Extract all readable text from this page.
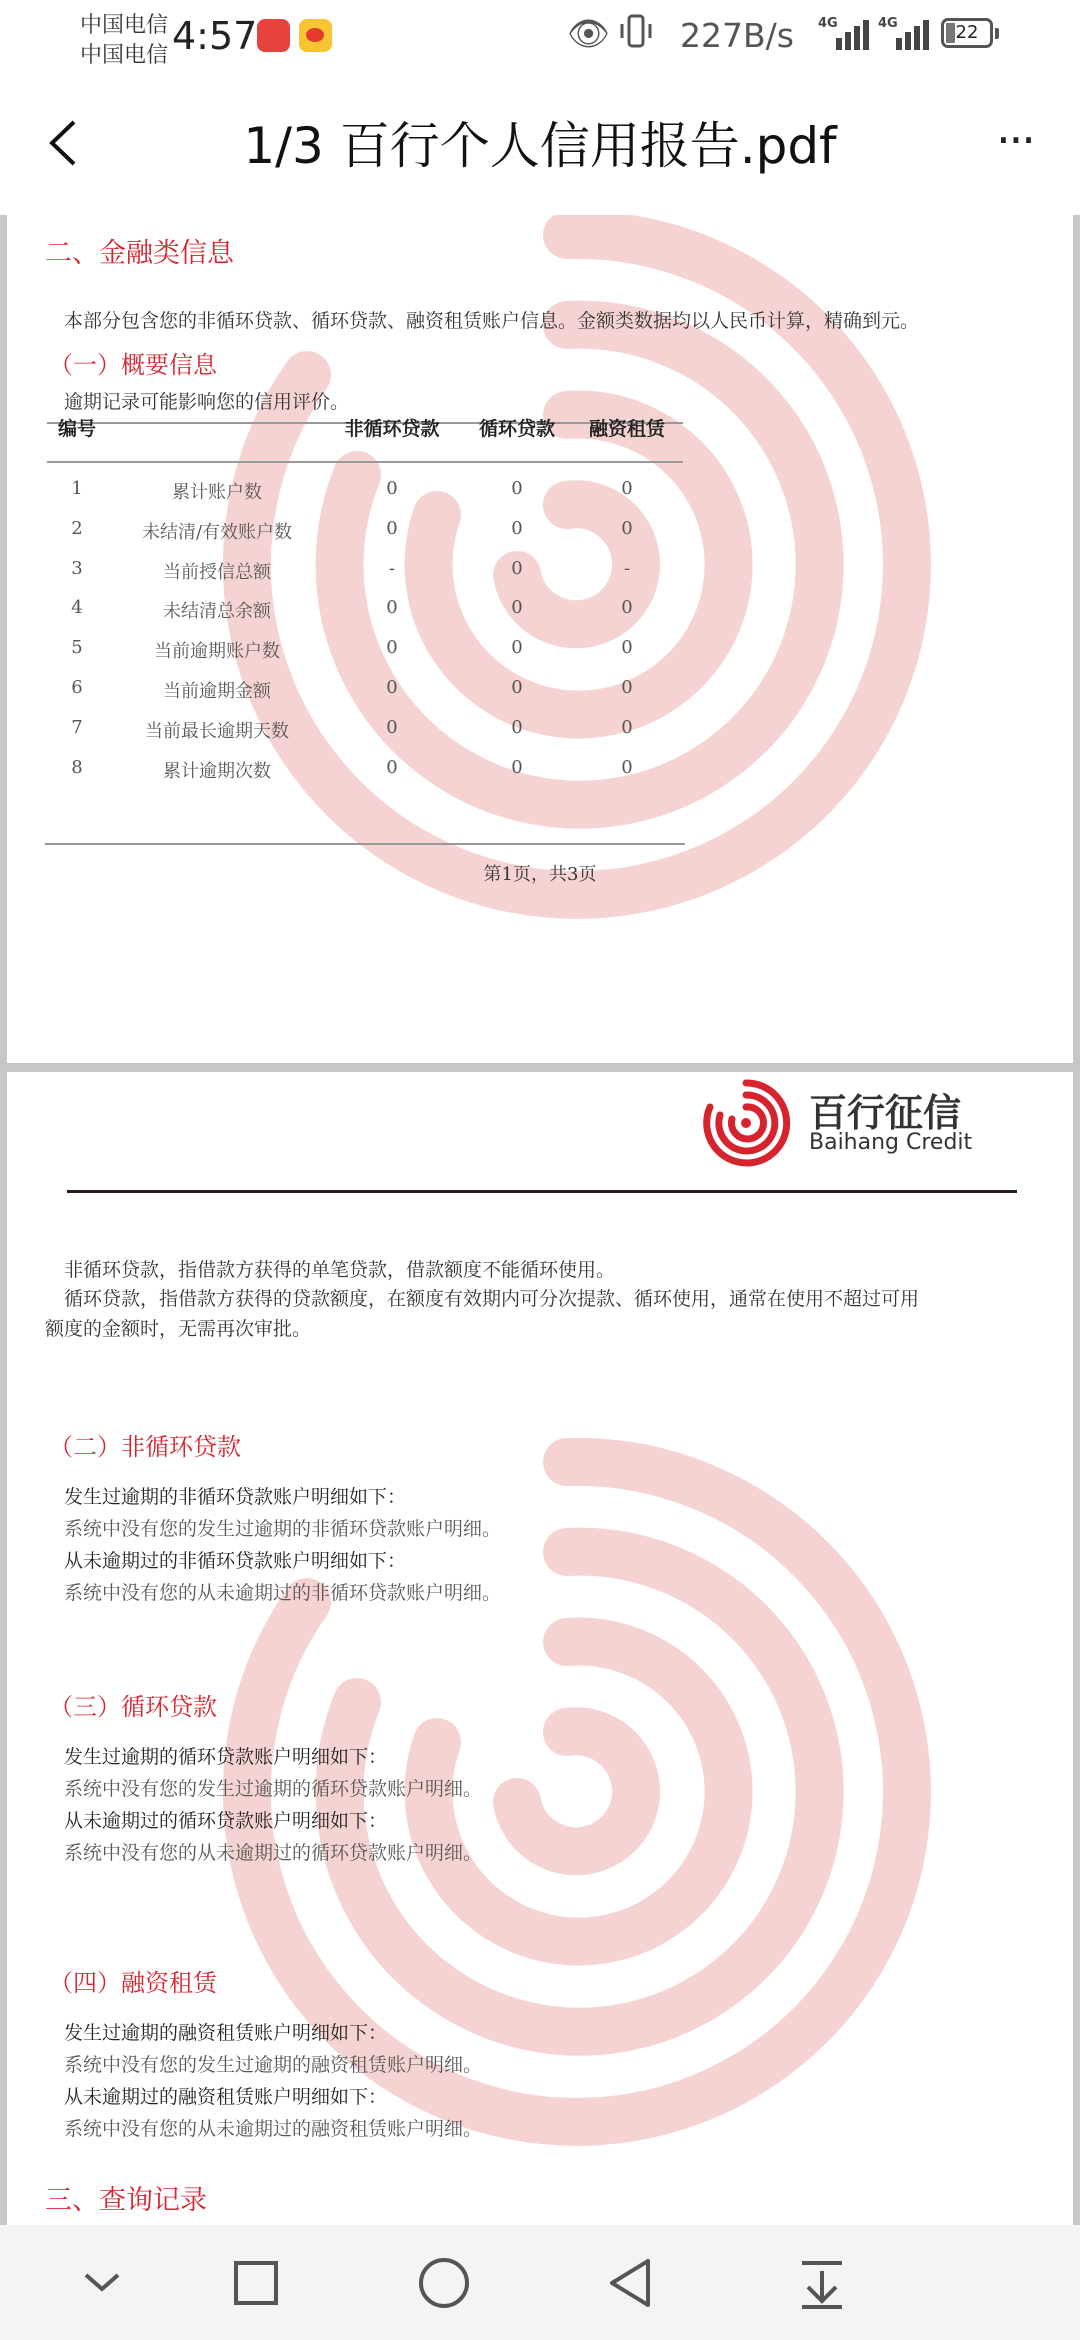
中国电信
中国电信 4:57	👁 227B/s 4G	4G	22
1/3 百行个人信用报告.pdf	···
二、金融类信息
本部分包含您的非循环贷款、循环贷款、融资租赁账户信息。金额类数据均以人民币计算，精确到元。
（一）概要信息
逾期记录可能影响您的信用评价。
编号	非循环贷款	循环贷款	融资租赁
1	累计账户数	0	0	0
2	未结清/有效账户数	0	0	0
3	当前授信总额	-	0	-
4	未结清总余额	0	0	0
5	当前逾期账户数	0	0	0
6	当前逾期金额	0	0	0
7	当前最长逾期天数	0	0	0
8	累计逾期次数	0	0	0
第1页，共3页
百行征信
Baihang Credit
非循环贷款，指借款方获得的单笔贷款，借款额度不能循环使用。
循环贷款，指借款方获得的贷款额度，在额度有效期内可分次提款、循环使用，通常在使用不超过可用
额度的金额时，无需再次审批。
（二）非循环贷款
发生过逾期的非循环贷款账户明细如下：
系统中没有您的发生过逾期的非循环贷款账户明细。
从未逾期过的非循环贷款账户明细如下：
系统中没有您的从未逾期过的非循环贷款账户明细。
（三）循环贷款
发生过逾期的循环贷款账户明细如下：
系统中没有您的发生过逾期的循环贷款账户明细。
从未逾期过的循环贷款账户明细如下：
系统中没有您的从未逾期过的循环贷款账户明细。
（四）融资租赁
发生过逾期的融资租赁账户明细如下：
系统中没有您的发生过逾期的融资租赁账户明细。
从未逾期过的融资租赁账户明细如下：
系统中没有您的从未逾期过的融资租赁账户明细。
三、查询记录
